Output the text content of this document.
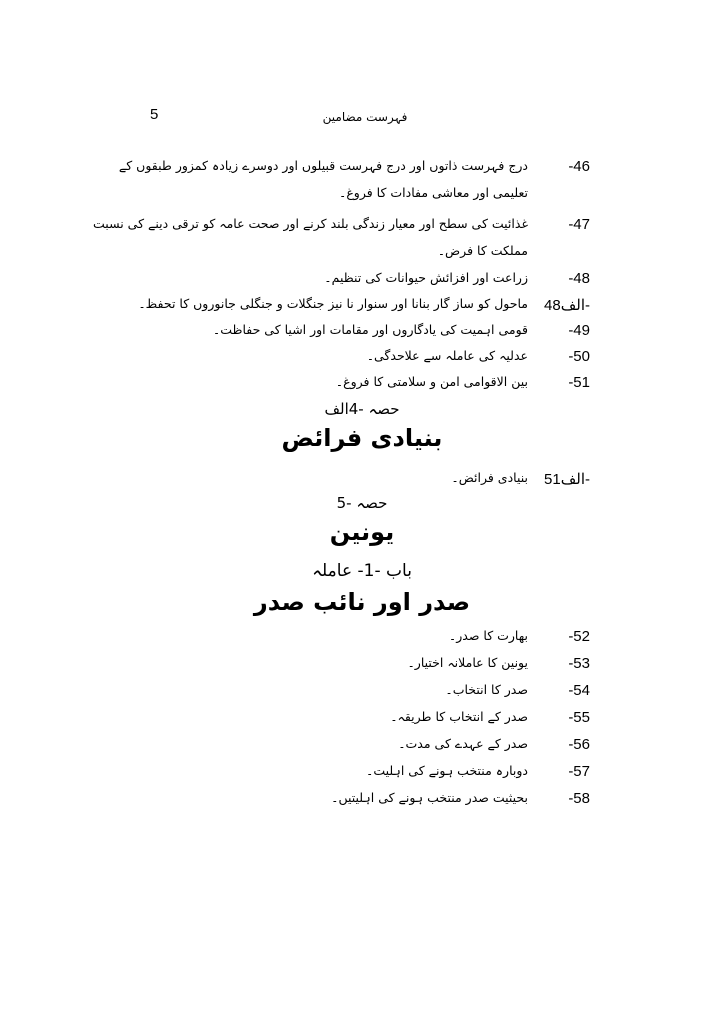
5	فہرست مضامین
-46
درج فہرست ذاتوں اور درج فہرست قبیلوں اور دوسرے زیادہ کمزور طبقوں کے تعلیمی اور معاشی مفادات کا فروغ۔
-47
غذائیت کی سطح اور معیار زندگی بلند کرنے اور صحت عامہ کو ترقی دینے کی نسبت مملکت کا فرض۔
-48
زراعت اور افزائش حیوانات کی تنظیم۔
48الف-
ماحول کو ساز گار بنانا اور سنوار نا نیز جنگلات و جنگلی جانوروں کا تحفظ۔
-49
قومی اہمیت کی یادگاروں اور مقامات اور اشیا کی حفاظت۔
-50
عدلیہ کی عاملہ سے علاحدگی۔
-51
بین الاقوامی امن و سلامتی کا فروغ۔
حصہ -4الف
بنیادی فرائض
51الف-
بنیادی فرائض۔
حصہ -5
یونین
باب -1- عاملہ
صدر اور نائب صدر
-52
بھارت کا صدر۔
-53
یونین کا عاملانہ اختیار۔
-54
صدر کا انتخاب۔
-55
صدر کے انتخاب کا طریقہ۔
-56
صدر کے عہدے کی مدت۔
-57
دوبارہ منتخب ہونے کی اہلیت۔
-58
بحیثیت صدر منتخب ہونے کی اہلیتیں۔
